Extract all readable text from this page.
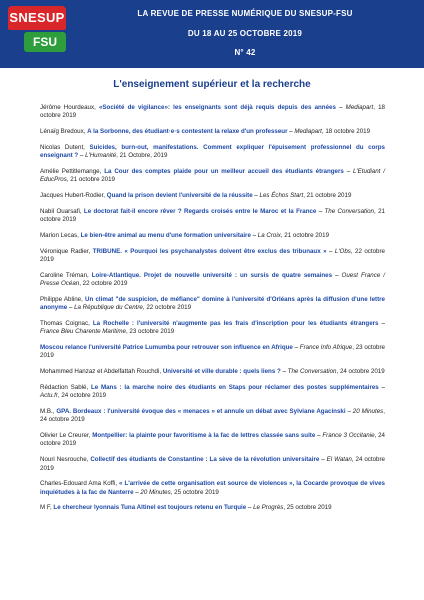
SNESUP
FSU
LA REVUE DE PRESSE NUMÉRIQUE DU SNESUP-FSU
DU 18 AU 25 OCTOBRE 2019
N° 42
L'enseignement supérieur et la recherche

Jérôme Hourdeaux, «Société de vigilance»: les enseignants sont déjà requis depuis des années – Mediapart, 18 octobre 2019

Lénaïg Bredoux, A la Sorbonne, des étudiant·e·s contestent la relaxe d'un professeur – Mediapart, 18 octobre 2019

Nicolas Dutent, Suicides, burn-out, manifestations. Comment expliquer l'épuisement professionnel du corps enseignant ? – L'Humanité, 21 Octobre, 2019

Amélie Pettitlemange, La Cour des comptes plaide pour un meilleur accueil des étudiants étrangers – L'Etudiant / EducPros, 21 octobre 2019

Jacques Hubert-Rodier, Quand la prison devient l'université de la réussite – Les Échos Start, 21 octobre 2019

Nabil Ouarsafi, Le doctorat fait-il encore rêver ? Regards croisés entre le Maroc et la France – The Conversation, 21 octobre 2019

Marion Lecas, Le bien-être animal au menu d'une formation universitaire – La Croix, 21 octobre 2019

Véronique Radier, TRIBUNE. « Pourquoi les psychanalystes doivent être exclus des tribunaux » – L'Obs, 22 octobre 2019

Caroline Tréman, Loire-Atlantique. Projet de nouvelle université : un sursis de quatre semaines – Ouest France / Presse Océan, 22 octobre 2019

Philippe Abline, Un climat "de suspicion, de méfiance" domine à l'université d'Orléans après la diffusion d'une lettre anonyme – La République du Centre, 22 octobre 2019

Thomas Coignac, La Rochelle : l'université n'augmente pas les frais d'inscription pour les étudiants étrangers – France Bleu Charente Maritime, 23 octobre 2019

Moscou relance l'université Patrice Lumumba pour retrouver son influence en Afrique – France Info Afrique, 23 octobre 2019

Mohammed Hanzaz et Abdelfattah Rouchdi, Université et ville durable : quels liens ? – The Conversation, 24 octobre 2019

Rédaction Sablé, Le Mans : la marche noire des étudiants en Staps pour réclamer des postes supplémentaires – Actu.fr, 24 octobre 2019

M.B., GPA. Bordeaux : l'université évoque des « menaces » et annule un débat avec Sylviane Agacinski – 20 Minutes, 24 octobre 2019

Olivier Le Creurer, Montpellier: la plainte pour favoritisme à la fac de lettres classée sans suite – France 3 Occitanie, 24 octobre 2019

Nouri Nesrouche, Collectif des étudiants de Constantine : La sève de la révolution universitaire – El Watan, 24 octobre 2019

Charles-Edouard Ama Koffi, « L'arrivée de cette organisation est source de violences », la Cocarde provoque de vives inquiétudes à la fac de Nanterre – 20 Minutes, 25 octobre 2019

M F, Le chercheur lyonnais Tuna Altinel est toujours retenu en Turquie – Le Progrès, 25 octobre 2019
